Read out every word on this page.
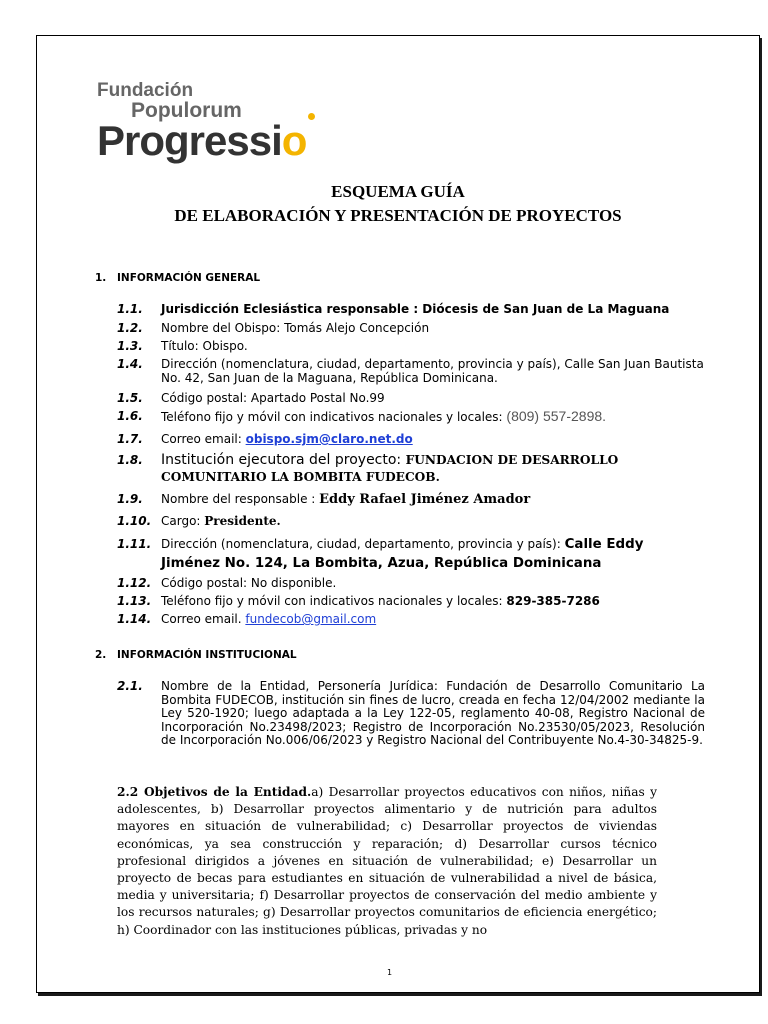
Fundación
Populorum
Progressio
ESQUEMA GUÍA
DE ELABORACIÓN Y PRESENTACIÓN DE PROYECTOS
1. INFORMACIÓN GENERAL
1.1. Jurisdicción Eclesiástica responsable : Diócesis de San Juan de La Maguana
1.2. Nombre del Obispo: Tomás Alejo Concepción
1.3. Título: Obispo.
1.4. Dirección (nomenclatura, ciudad, departamento, provincia y país), Calle San Juan Bautista No. 42, San Juan de la Maguana, República Dominicana.
1.5. Código postal: Apartado Postal No.99
1.6. Teléfono fijo y móvil con indicativos nacionales y locales: (809) 557-2898.
1.7. Correo email: obispo.sjm@claro.net.do
1.8. Institución ejecutora del proyecto: FUNDACION DE DESARROLLO COMUNITARIO LA BOMBITA FUDECOB.
1.9. Nombre del responsable : Eddy Rafael Jiménez Amador
1.10. Cargo: Presidente.
1.11. Dirección (nomenclatura, ciudad, departamento, provincia y país): Calle Eddy Jiménez No. 124, La Bombita, Azua, República Dominicana
1.12. Código postal: No disponible.
1.13. Teléfono fijo y móvil con indicativos nacionales y locales: 829-385-7286
1.14. Correo email. fundecob@gmail.com
2. INFORMACIÓN INSTITUCIONAL
2.1. Nombre de la Entidad, Personería Jurídica: Fundación de Desarrollo Comunitario La Bombita FUDECOB, institución sin fines de lucro, creada en fecha 12/04/2002 mediante la Ley 520-1920; luego adaptada a la Ley 122-05, reglamento 40-08, Registro Nacional de Incorporación No.23498/2023; Registro de Incorporación No.23530/05/2023, Resolución de Incorporación No.006/06/2023 y Registro Nacional del Contribuyente No.4-30-34825-9.
2.2 Objetivos de la Entidad.a) Desarrollar proyectos educativos con niños, niñas y adolescentes, b) Desarrollar proyectos alimentario y de nutrición para adultos mayores en situación de vulnerabilidad; c) Desarrollar proyectos de viviendas económicas, ya sea construcción y reparación; d) Desarrollar cursos técnico profesional dirigidos a jóvenes en situación de vulnerabilidad; e) Desarrollar un proyecto de becas para estudiantes en situación de vulnerabilidad a nivel de básica, media y universitaria; f) Desarrollar proyectos de conservación del medio ambiente y los recursos naturales; g) Desarrollar proyectos comunitarios de eficiencia energético; h) Coordinador con las instituciones públicas, privadas y no
1
